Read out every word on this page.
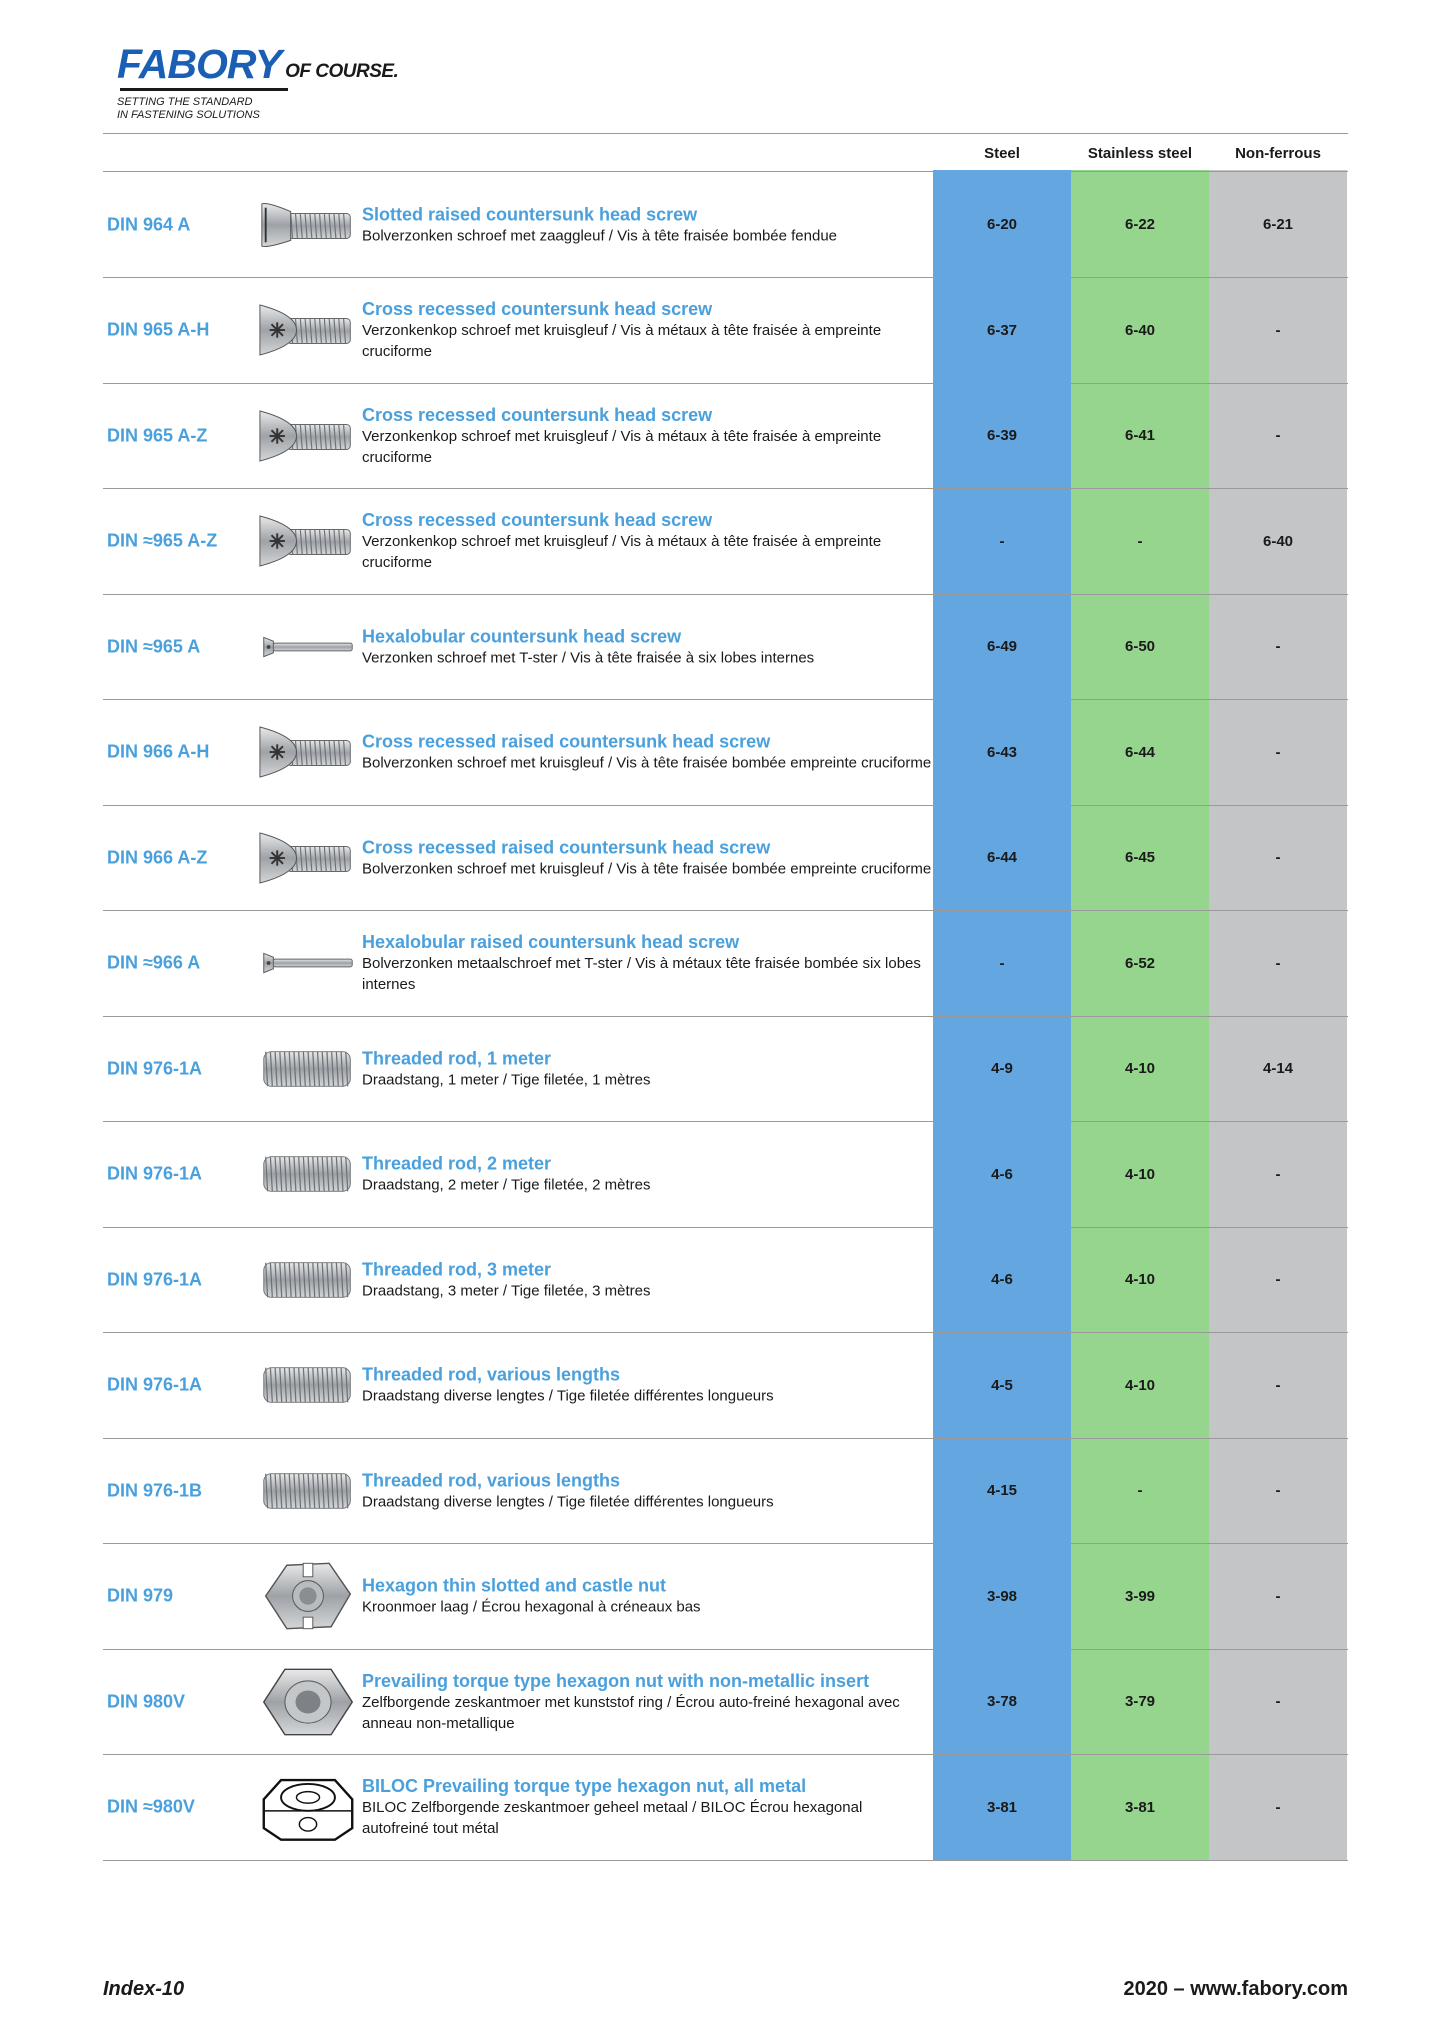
FABORY OF COURSE.
SETTING THE STANDARD
IN FASTENING SOLUTIONS
Steel	Stainless steel	Non-ferrous
DIN 964 A	Slotted raised countersunk head screw
Bolverzonken schroef met zaaggleuf / Vis à tête fraisée bombée fendue
6-20	6-22	6-21
DIN 965 A-H
Cross recessed countersunk head screw
Verzonkenkop schroef met kruisgleuf / Vis à métaux à tête fraisée à empreinte cruciforme
6-37	6-40	-
DIN 965 A-Z
Cross recessed countersunk head screw
Verzonkenkop schroef met kruisgleuf / Vis à métaux à tête fraisée à empreinte cruciforme
6-39	6-41	-
DIN ≈965 A-Z
Cross recessed countersunk head screw
Verzonkenkop schroef met kruisgleuf / Vis à métaux à tête fraisée à empreinte cruciforme
-	-	6-40
DIN ≈965 A	Hexalobular countersunk head screw
Verzonken schroef met T-ster / Vis à tête fraisée à six lobes internes
6-49	6-50	-
DIN 966 A-H	Cross recessed raised countersunk head screw
Bolverzonken schroef met kruisgleuf / Vis à tête fraisée bombée empreinte cruciforme
6-43	6-44	-
DIN 966 A-Z	Cross recessed raised countersunk head screw
Bolverzonken schroef met kruisgleuf / Vis à tête fraisée bombée empreinte cruciforme
6-44	6-45	-
DIN ≈966 A
Hexalobular raised countersunk head screw
Bolverzonken metaalschroef met T-ster / Vis à métaux tête fraisée bombée six lobes internes
-	6-52	-
DIN 976-1A	Threaded rod, 1 meter
Draadstang, 1 meter / Tige filetée, 1 mètres
4-9	4-10	4-14
DIN 976-1A	Threaded rod, 2 meter
Draadstang, 2 meter / Tige filetée, 2 mètres
4-6	4-10	-
DIN 976-1A	Threaded rod, 3 meter
Draadstang, 3 meter / Tige filetée, 3 mètres
4-6	4-10	-
DIN 976-1A	Threaded rod, various lengths
Draadstang diverse lengtes / Tige filetée différentes longueurs
4-5	4-10	-
DIN 976-1B	Threaded rod, various lengths
Draadstang diverse lengtes / Tige filetée différentes longueurs
4-15	-	-
DIN 979	Hexagon thin slotted and castle nut
Kroonmoer laag / Écrou hexagonal à créneaux bas
3-98	3-99	-
DIN 980V
Prevailing torque type hexagon nut with non-metallic insert
Zelfborgende zeskantmoer met kunststof ring / Écrou auto-freiné hexagonal avec anneau non-metallique
3-78	3-79	-
DIN ≈980V
BILOC Prevailing torque type hexagon nut, all metal
BILOC Zelfborgende zeskantmoer geheel metaal / BILOC Écrou hexagonal autofreiné tout métal
3-81	3-81	-
Index-10	2020 – www.fabory.com
